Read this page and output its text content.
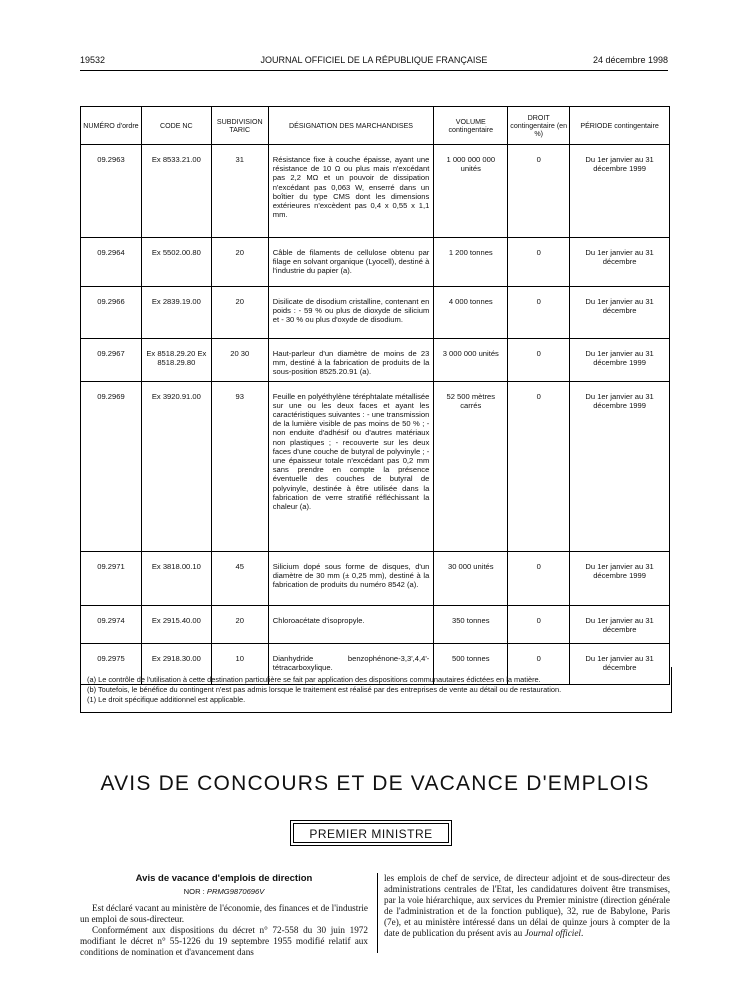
19532	JOURNAL OFFICIEL DE LA RÉPUBLIQUE FRANÇAISE	24 décembre 1998
NUMÉRO d'ordre	CODE NC	SUBDIVISION TARIC	DÉSIGNATION DES MARCHANDISES	VOLUME contingentaire	DROIT contingentaire (en %)	PÉRIODE contingentaire
09.2963	Ex 8533.21.00	31	Résistance fixe à couche épaisse, ayant une résistance de 10 Ω ou plus mais n'excédant pas 2,2 MΩ et un pouvoir de dissipation n'excédant pas 0,063 W, enserré dans un boîtier du type CMS dont les dimensions extérieures n'excèdent pas 0,4 x 0,55 x 1,1 mm.	1 000 000 000 unités	0	Du 1er janvier au 31 décembre 1999
09.2964	Ex 5502.00.80	20	Câble de filaments de cellulose obtenu par filage en solvant organique (Lyocell), destiné à l'industrie du papier (a).	1 200 tonnes	0	Du 1er janvier au 31 décembre
09.2966	Ex 2839.19.00	20	Disilicate de disodium cristalline, contenant en poids : - 59 % ou plus de dioxyde de silicium et - 30 % ou plus d'oxyde de disodium.	4 000 tonnes	0	Du 1er janvier au 31 décembre
09.2967	Ex 8518.29.20 Ex 8518.29.80	20 30	Haut-parleur d'un diamètre de moins de 23 mm, destiné à la fabrication de produits de la sous-position 8525.20.91 (a).	3 000 000 unités	0	Du 1er janvier au 31 décembre 1999
09.2969	Ex 3920.91.00	93	Feuille en polyéthylène téréphtalate métallisée sur une ou les deux faces et ayant les caractéristiques suivantes : - une transmission de la lumière visible de pas moins de 50 % ; - non enduite d'adhésif ou d'autres matériaux non plastiques ; - recouverte sur les deux faces d'une couche de butyral de polyvinyle ; - une épaisseur totale n'excédant pas 0,2 mm sans prendre en compte la présence éventuelle des couches de butyral de polyvinyle, destinée à être utilisée dans la fabrication de verre stratifié réfléchissant la chaleur (a).	52 500 mètres carrés	0	Du 1er janvier au 31 décembre 1999
09.2971	Ex 3818.00.10	45	Silicium dopé sous forme de disques, d'un diamètre de 30 mm (± 0,25 mm), destiné à la fabrication de produits du numéro 8542 (a).	30 000 unités	0	Du 1er janvier au 31 décembre 1999
09.2974	Ex 2915.40.00	20	Chloroacétate d'isopropyle.	350 tonnes	0	Du 1er janvier au 31 décembre
09.2975	Ex 2918.30.00	10	Dianhydride benzophénone-3,3',4,4'-tétracarboxylique.	500 tonnes	0	Du 1er janvier au 31 décembre

(a) Le contrôle de l'utilisation à cette destination particulière se fait par application des dispositions communautaires édictées en la matière.

(b) Toutefois, le bénéfice du contingent n'est pas admis lorsque le traitement est réalisé par des entreprises de vente au détail ou de restauration.

(1) Le droit spécifique additionnel est applicable.

AVIS DE CONCOURS ET DE VACANCE D'EMPLOIS
PREMIER MINISTRE
Avis de vacance d'emplois de direction
NOR : PRMG9870696V

Est déclaré vacant au ministère de l'économie, des finances et de l'industrie un emploi de sous-directeur.

Conformément aux dispositions du décret n° 72-558 du 30 juin 1972 modifiant le décret n° 55-1226 du 19 septembre 1955 modifié relatif aux conditions de nomination et d'avancement dans

les emplois de chef de service, de directeur adjoint et de sous-directeur des administrations centrales de l'Etat, les candidatures doivent être transmises, par la voie hiérarchique, aux services du Premier ministre (direction générale de l'administration et de la fonction publique), 32, rue de Babylone, Paris (7e), et au ministère intéressé dans un délai de quinze jours à compter de la date de publication du présent avis au Journal officiel.
